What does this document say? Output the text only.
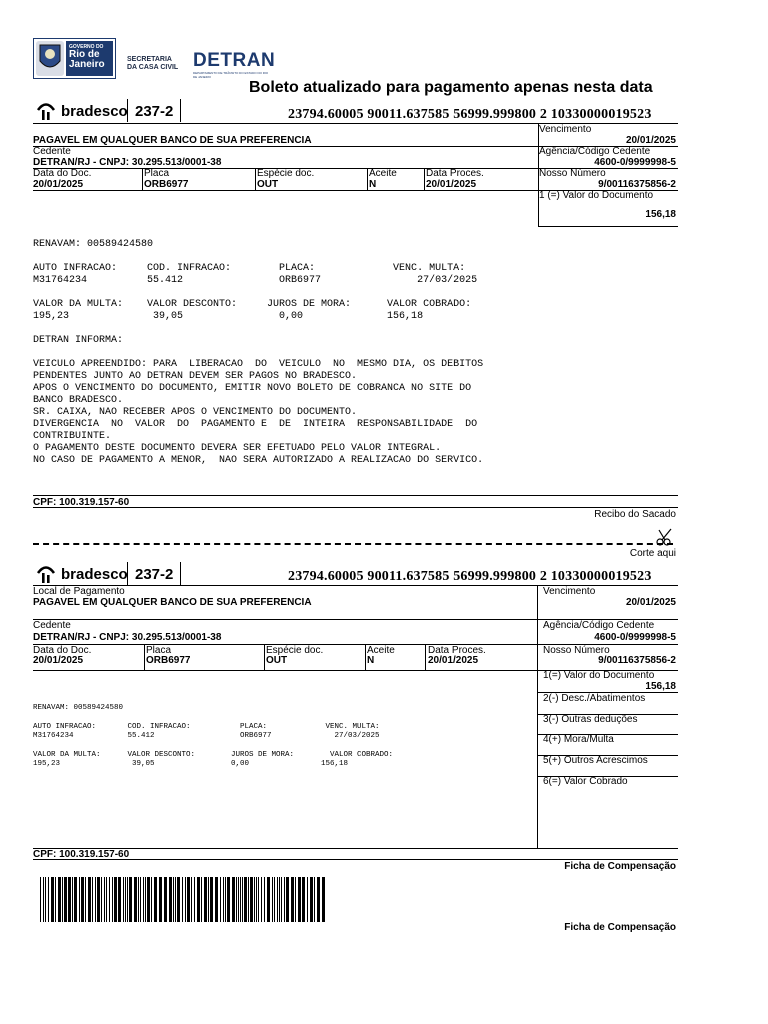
GOVERNO DO
Rio de
Janeiro	SECRETARIA
DA CASA CIVIL DETRAN
DEPARTAMENTO DE TRÂNSITO DO ESTADO DO RIO DE JANEIRO
Boleto atualizado para pagamento apenas nesta data
bradesco 237-2	23794.60005 90011.637585 56999.999800 2 10330000019523
Vencimento
PAGAVEL EM QUALQUER BANCO DE SUA PREFERENCIA	20/01/2025
Cedente	Agência/Código Cedente
DETRAN/RJ - CNPJ: 30.295.513/0001-38	4600-0/9999998-5
Data do Doc.	Placa	Espécie doc.	Aceite	Data Proces.	Nosso Número
20/01/2025	ORB6977	OUT	N	20/01/2025	9/00116375856-2
1 (=) Valor do Documento
156,18
RENAVAM: 00589424580
AUTO INFRACAO:     COD. INFRACAO:        PLACA:             VENC. MULTA:
M31764234          55.412                ORB6977                27/03/2025
VALOR DA MULTA:    VALOR DESCONTO:     JUROS DE MORA:      VALOR COBRADO:
195,23              39,05                0,00              156,18
DETRAN INFORMA:
VEICULO APREENDIDO: PARA  LIBERACAO  DO  VEICULO  NO  MESMO DIA, OS DEBITOS
PENDENTES JUNTO AO DETRAN DEVEM SER PAGOS NO BRADESCO.
APOS O VENCIMENTO DO DOCUMENTO, EMITIR NOVO BOLETO DE COBRANCA NO SITE DO
BANCO BRADESCO.
SR. CAIXA, NAO RECEBER APOS O VENCIMENTO DO DOCUMENTO.
DIVERGENCIA  NO  VALOR  DO  PAGAMENTO E  DE  INTEIRA  RESPONSABILIDADE  DO
CONTRIBUINTE.
O PAGAMENTO DESTE DOCUMENTO DEVERA SER EFETUADO PELO VALOR INTEGRAL.
NO CASO DE PAGAMENTO A MENOR,  NAO SERA AUTORIZADO A REALIZACAO DO SERVICO.
CPF: 100.319.157-60
Recibo do Sacado
Corte aqui
bradesco 237-2	23794.60005 90011.637585 56999.999800 2 10330000019523
Local de Pagamento	Vencimento
PAGAVEL EM QUALQUER BANCO DE SUA PREFERENCIA	20/01/2025
Cedente	Agência/Código Cedente
DETRAN/RJ - CNPJ: 30.295.513/0001-38	4600-0/9999998-5
Data do Doc.	Placa	Espécie doc.	Aceite	Data Proces.	Nosso Número
20/01/2025	ORB6977	OUT	N	20/01/2025	9/00116375856-2
1(=) Valor do Documento
156,18
2(-) Desc./Abatimentos
3(-) Outras deduções
4(+) Mora/Multa
5(+) Outros Acrescimos
6(=) Valor Cobrado
RENAVAM: 00589424580
AUTO INFRACAO:       COD. INFRACAO:           PLACA:             VENC. MULTA:
M31764234            55.412                   ORB6977              27/03/2025
VALOR DA MULTA:      VALOR DESCONTO:        JUROS DE MORA:        VALOR COBRADO:
195,23                39,05                 0,00                156,18
CPF: 100.319.157-60
Ficha de Compensação
Ficha de Compensação
